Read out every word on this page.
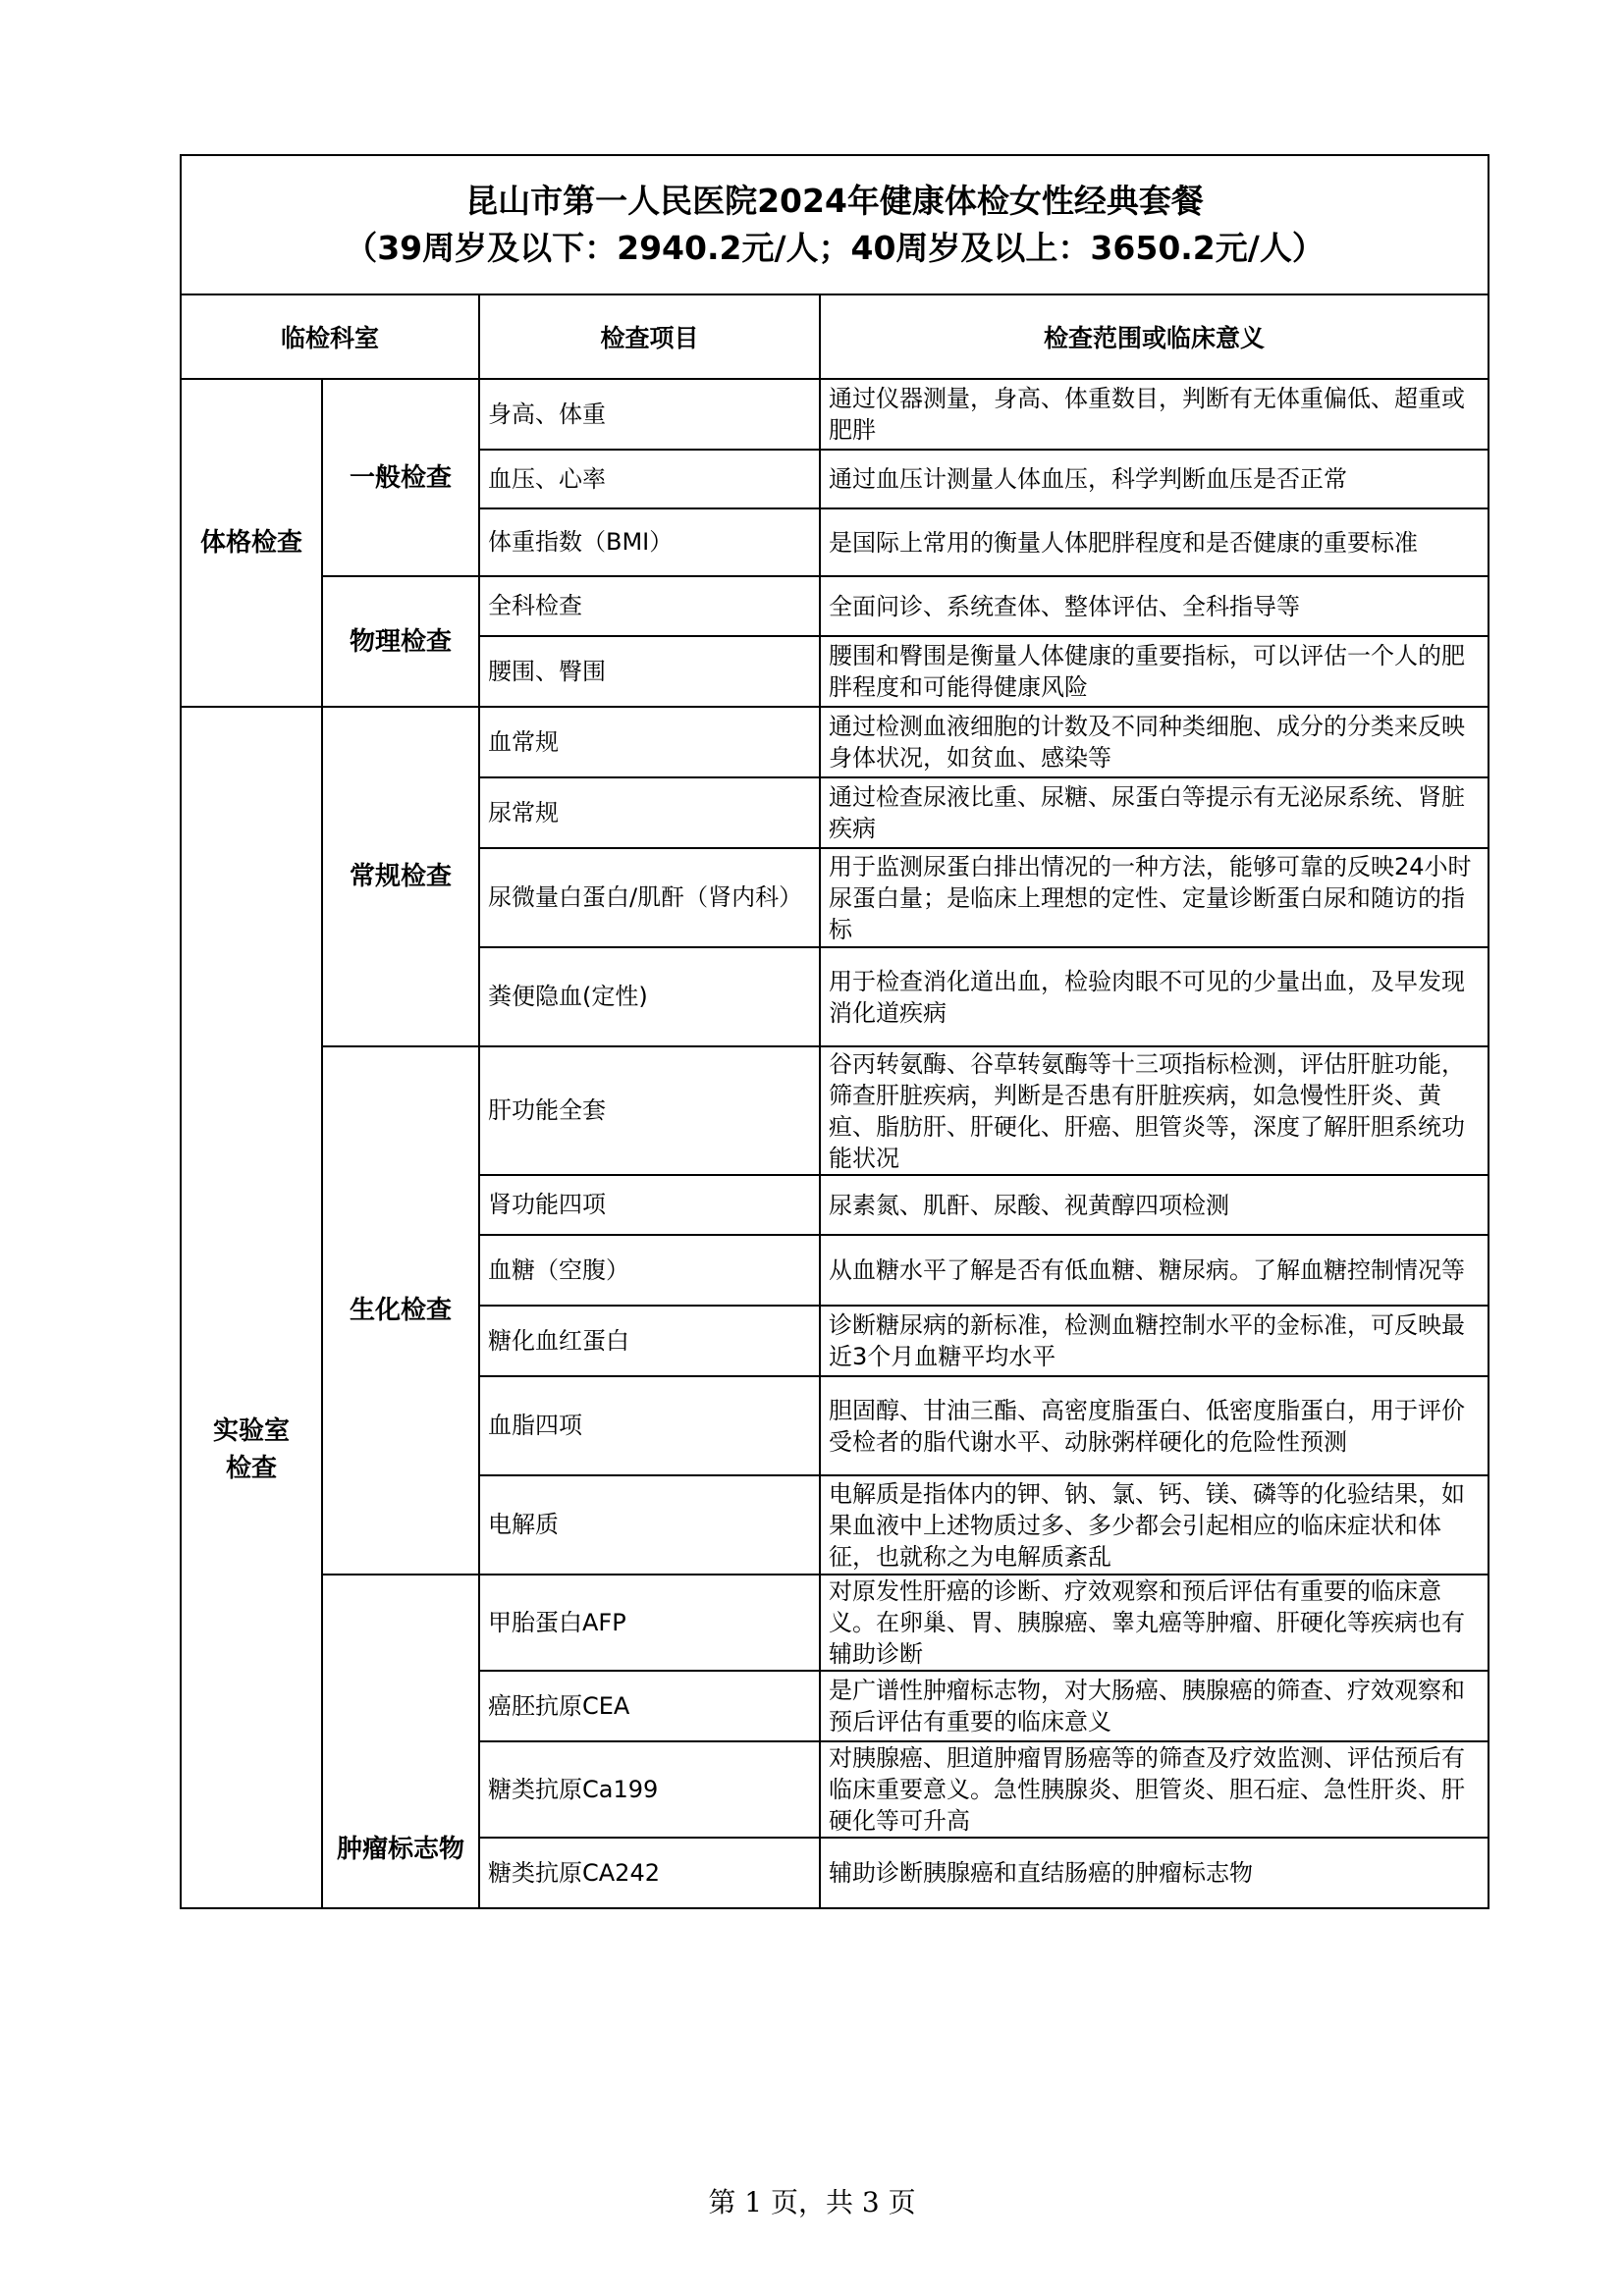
昆山市第一人民医院2024年健康体检女性经典套餐
（39周岁及以下：2940.2元/人；40周岁及以上：3650.2元/人）			

临检科室		检查项目	检查范围或临床意义
体格检查	一般检查	身高、体重	通过仪器测量，身高、体重数目，判断有无体重偏低、超重或肥胖
		血压、心率	通过血压计测量人体血压，科学判断血压是否正常
		体重指数（BMI）	是国际上常用的衡量人体肥胖程度和是否健康的重要标准
	物理检查	全科检查	全面问诊、系统查体、整体评估、全科指导等
		腰围、臀围	腰围和臀围是衡量人体健康的重要指标，可以评估一个人的肥胖程度和可能得健康风险
实验室检查	常规检查	血常规	通过检测血液细胞的计数及不同种类细胞、成分的分类来反映身体状况，如贫血、感染等
		尿常规	通过检查尿液比重、尿糖、尿蛋白等提示有无泌尿系统、肾脏疾病
		尿微量白蛋白/肌酐（肾内科）	用于监测尿蛋白排出情况的一种方法，能够可靠的反映24小时尿蛋白量；是临床上理想的定性、定量诊断蛋白尿和随访的指标
		粪便隐血(定性)	用于检查消化道出血，检验肉眼不可见的少量出血，及早发现消化道疾病
	生化检查	肝功能全套	谷丙转氨酶、谷草转氨酶等十三项指标检测，评估肝脏功能，筛查肝脏疾病，判断是否患有肝脏疾病，如急慢性肝炎、黄疸、脂肪肝、肝硬化、肝癌、胆管炎等，深度了解肝胆系统功能状况
		肾功能四项	尿素氮、肌酐、尿酸、视黄醇四项检测
		血糖（空腹）	从血糖水平了解是否有低血糖、糖尿病。了解血糖控制情况等
		糖化血红蛋白	诊断糖尿病的新标准，检测血糖控制水平的金标准，可反映最近3个月血糖平均水平
		血脂四项	胆固醇、甘油三酯、高密度脂蛋白、低密度脂蛋白，用于评价受检者的脂代谢水平、动脉粥样硬化的危险性预测
		电解质	电解质是指体内的钾、钠、氯、钙、镁、磷等的化验结果，如果血液中上述物质过多、多少都会引起相应的临床症状和体征，也就称之为电解质紊乱
	肿瘤标志物	甲胎蛋白AFP	对原发性肝癌的诊断、疗效观察和预后评估有重要的临床意义。在卵巢、胃、胰腺癌、睾丸癌等肿瘤、肝硬化等疾病也有辅助诊断
		癌胚抗原CEA	是广谱性肿瘤标志物，对大肠癌、胰腺癌的筛查、疗效观察和预后评估有重要的临床意义
		糖类抗原Ca199	对胰腺癌、胆道肿瘤胃肠癌等的筛查及疗效监测、评估预后有临床重要意义。急性胰腺炎、胆管炎、胆石症、急性肝炎、肝硬化等可升高
		糖类抗原CA242	辅助诊断胰腺癌和直结肠癌的肿瘤标志物
第 1 页，共 3 页
